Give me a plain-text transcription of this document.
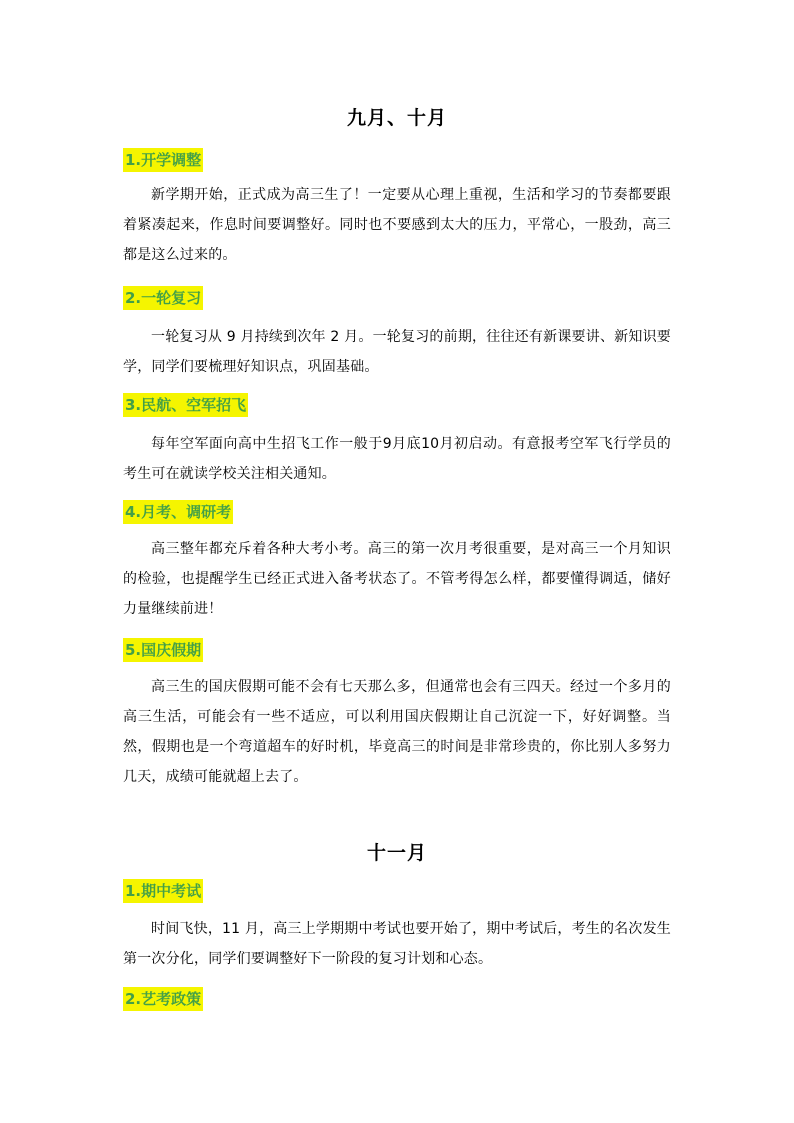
九月、十月
1.开学调整
新学期开始，正式成为高三生了！一定要从心理上重视，生活和学习的节奏都要跟着紧凑起来，作息时间要调整好。同时也不要感到太大的压力，平常心，一股劲，高三都是这么过来的。
2.一轮复习
一轮复习从 9 月持续到次年 2 月。一轮复习的前期，往往还有新课要讲、新知识要学，同学们要梳理好知识点，巩固基础。
3.民航、空军招飞
每年空军面向高中生招飞工作一般于9月底10月初启动。有意报考空军飞行学员的考生可在就读学校关注相关通知。
4.月考、调研考
高三整年都充斥着各种大考小考。高三的第一次月考很重要，是对高三一个月知识的检验，也提醒学生已经正式进入备考状态了。不管考得怎么样，都要懂得调适，储好力量继续前进！
5.国庆假期
高三生的国庆假期可能不会有七天那么多，但通常也会有三四天。经过一个多月的高三生活，可能会有一些不适应，可以利用国庆假期让自己沉淀一下，好好调整。当然，假期也是一个弯道超车的好时机，毕竟高三的时间是非常珍贵的，你比别人多努力几天，成绩可能就超上去了。
十一月
1.期中考试
时间飞快，11 月，高三上学期期中考试也要开始了，期中考试后，考生的名次发生第一次分化，同学们要调整好下一阶段的复习计划和心态。
2.艺考政策
